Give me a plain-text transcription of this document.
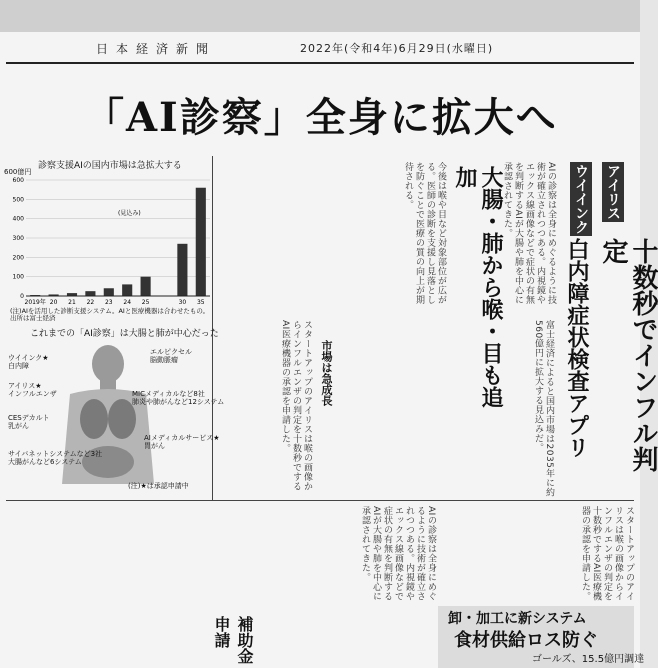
日本経済新聞	2022年(令和4年)6月29日(水曜日)
「AI診察」全身に拡大へ
大腸・肺から喉・目も追加
市場は急成長
アイリス
十数秒でインフル判定
ウイインク
白内障症状検査アプリ
AIの診察は全身にめぐるように技術が確立されつつある。内視鏡やエックス線画像などで症状の有無を判断するAIが大腸や肺を中心に承認されてきた。
今後は喉や目など対象部位が広がる。医師の診断を支援し見落としを防ぐことで医療の質の向上が期待される。
スタートアップのアイリスは喉の画像からインフルエンザの判定を十数秒でするAI医療機器の承認を申請した。	富士経済によると国内市場は2035年に約560億円に拡大する見込みだ。
AIの診察は全身にめぐるように技術が確立されつつある。内視鏡やエックス線画像などで症状の有無を判断するAIが大腸や肺を中心に承認されてきた。	スタートアップのアイリスは喉の画像からインフルエンザの判定を十数秒でするAI医療機器の承認を申請した。
診察支援AIの国内市場は急拡大する
600億円
600
500
400
300
200
100
0
2019年 20 21 22 23 24 25	30 35
(見込み)
(注)AIを活用した診断支援システム。AIと医療機器は合わせたもの。出所は富士経済
これまでの「AI診察」は大腸と肺が中心だった
ウイインク★
白内障
アイリス★
インフルエンザ
CESデカルト
乳がん
サイバネットシステムなど3社
大腸がんなど6システム
エルピクセル
脳動脈瘤
MICメディカルなど8社
肺炎や肺がんなど12システム
AIメディカルサービス★
胃がん
(注)★は承認申請中
補助金申請	卸・加工に新システム
食材供給ロス防ぐ
ゴールズ、15.5億円調達
